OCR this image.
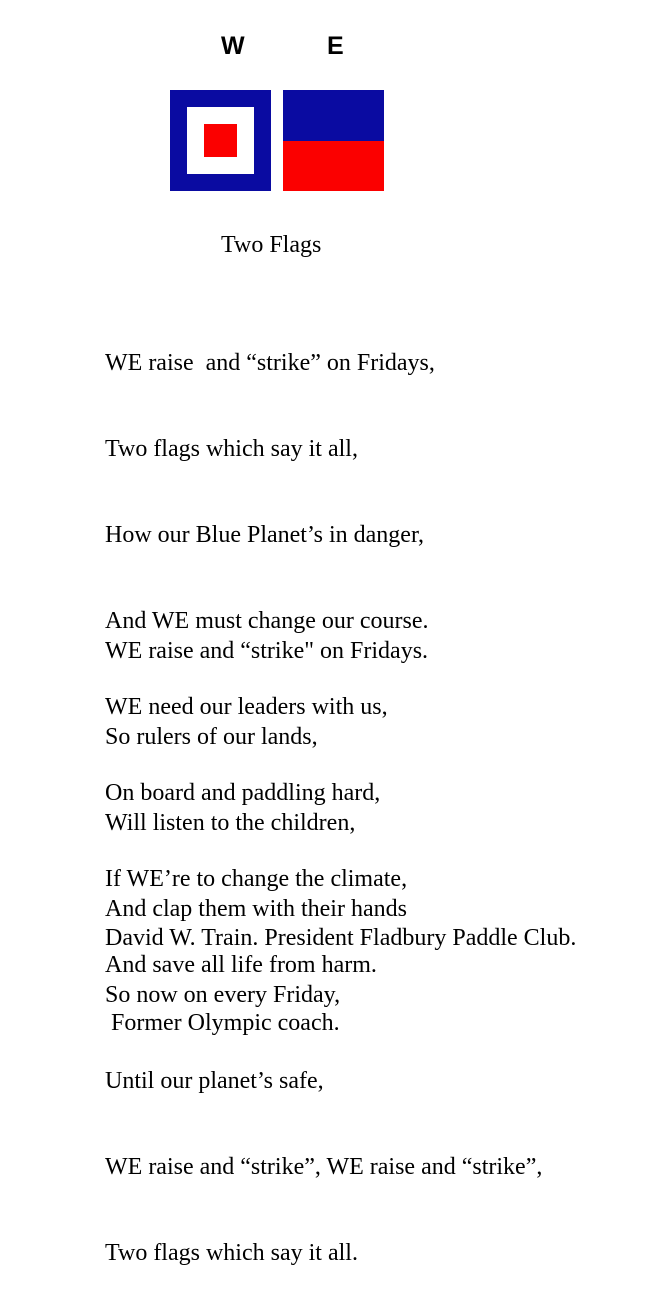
W	E
Two Flags

WE raise  and “strike” on Fridays,

Two flags which say it all,

How our Blue Planet’s in danger,

And WE must change our course.

WE need our leaders with us,

On board and paddling hard,

If WE’re to change the climate,

And save all life from harm.

WE raise and “strike" on Fridays.

So rulers of our lands,

Will listen to the children,

And clap them with their hands

So now on every Friday,

Until our planet’s safe,

WE raise and “strike”, WE raise and “strike”,

Two flags which say it all.

David W. Train. President Fladbury Paddle Club.

Former Olympic coach.
